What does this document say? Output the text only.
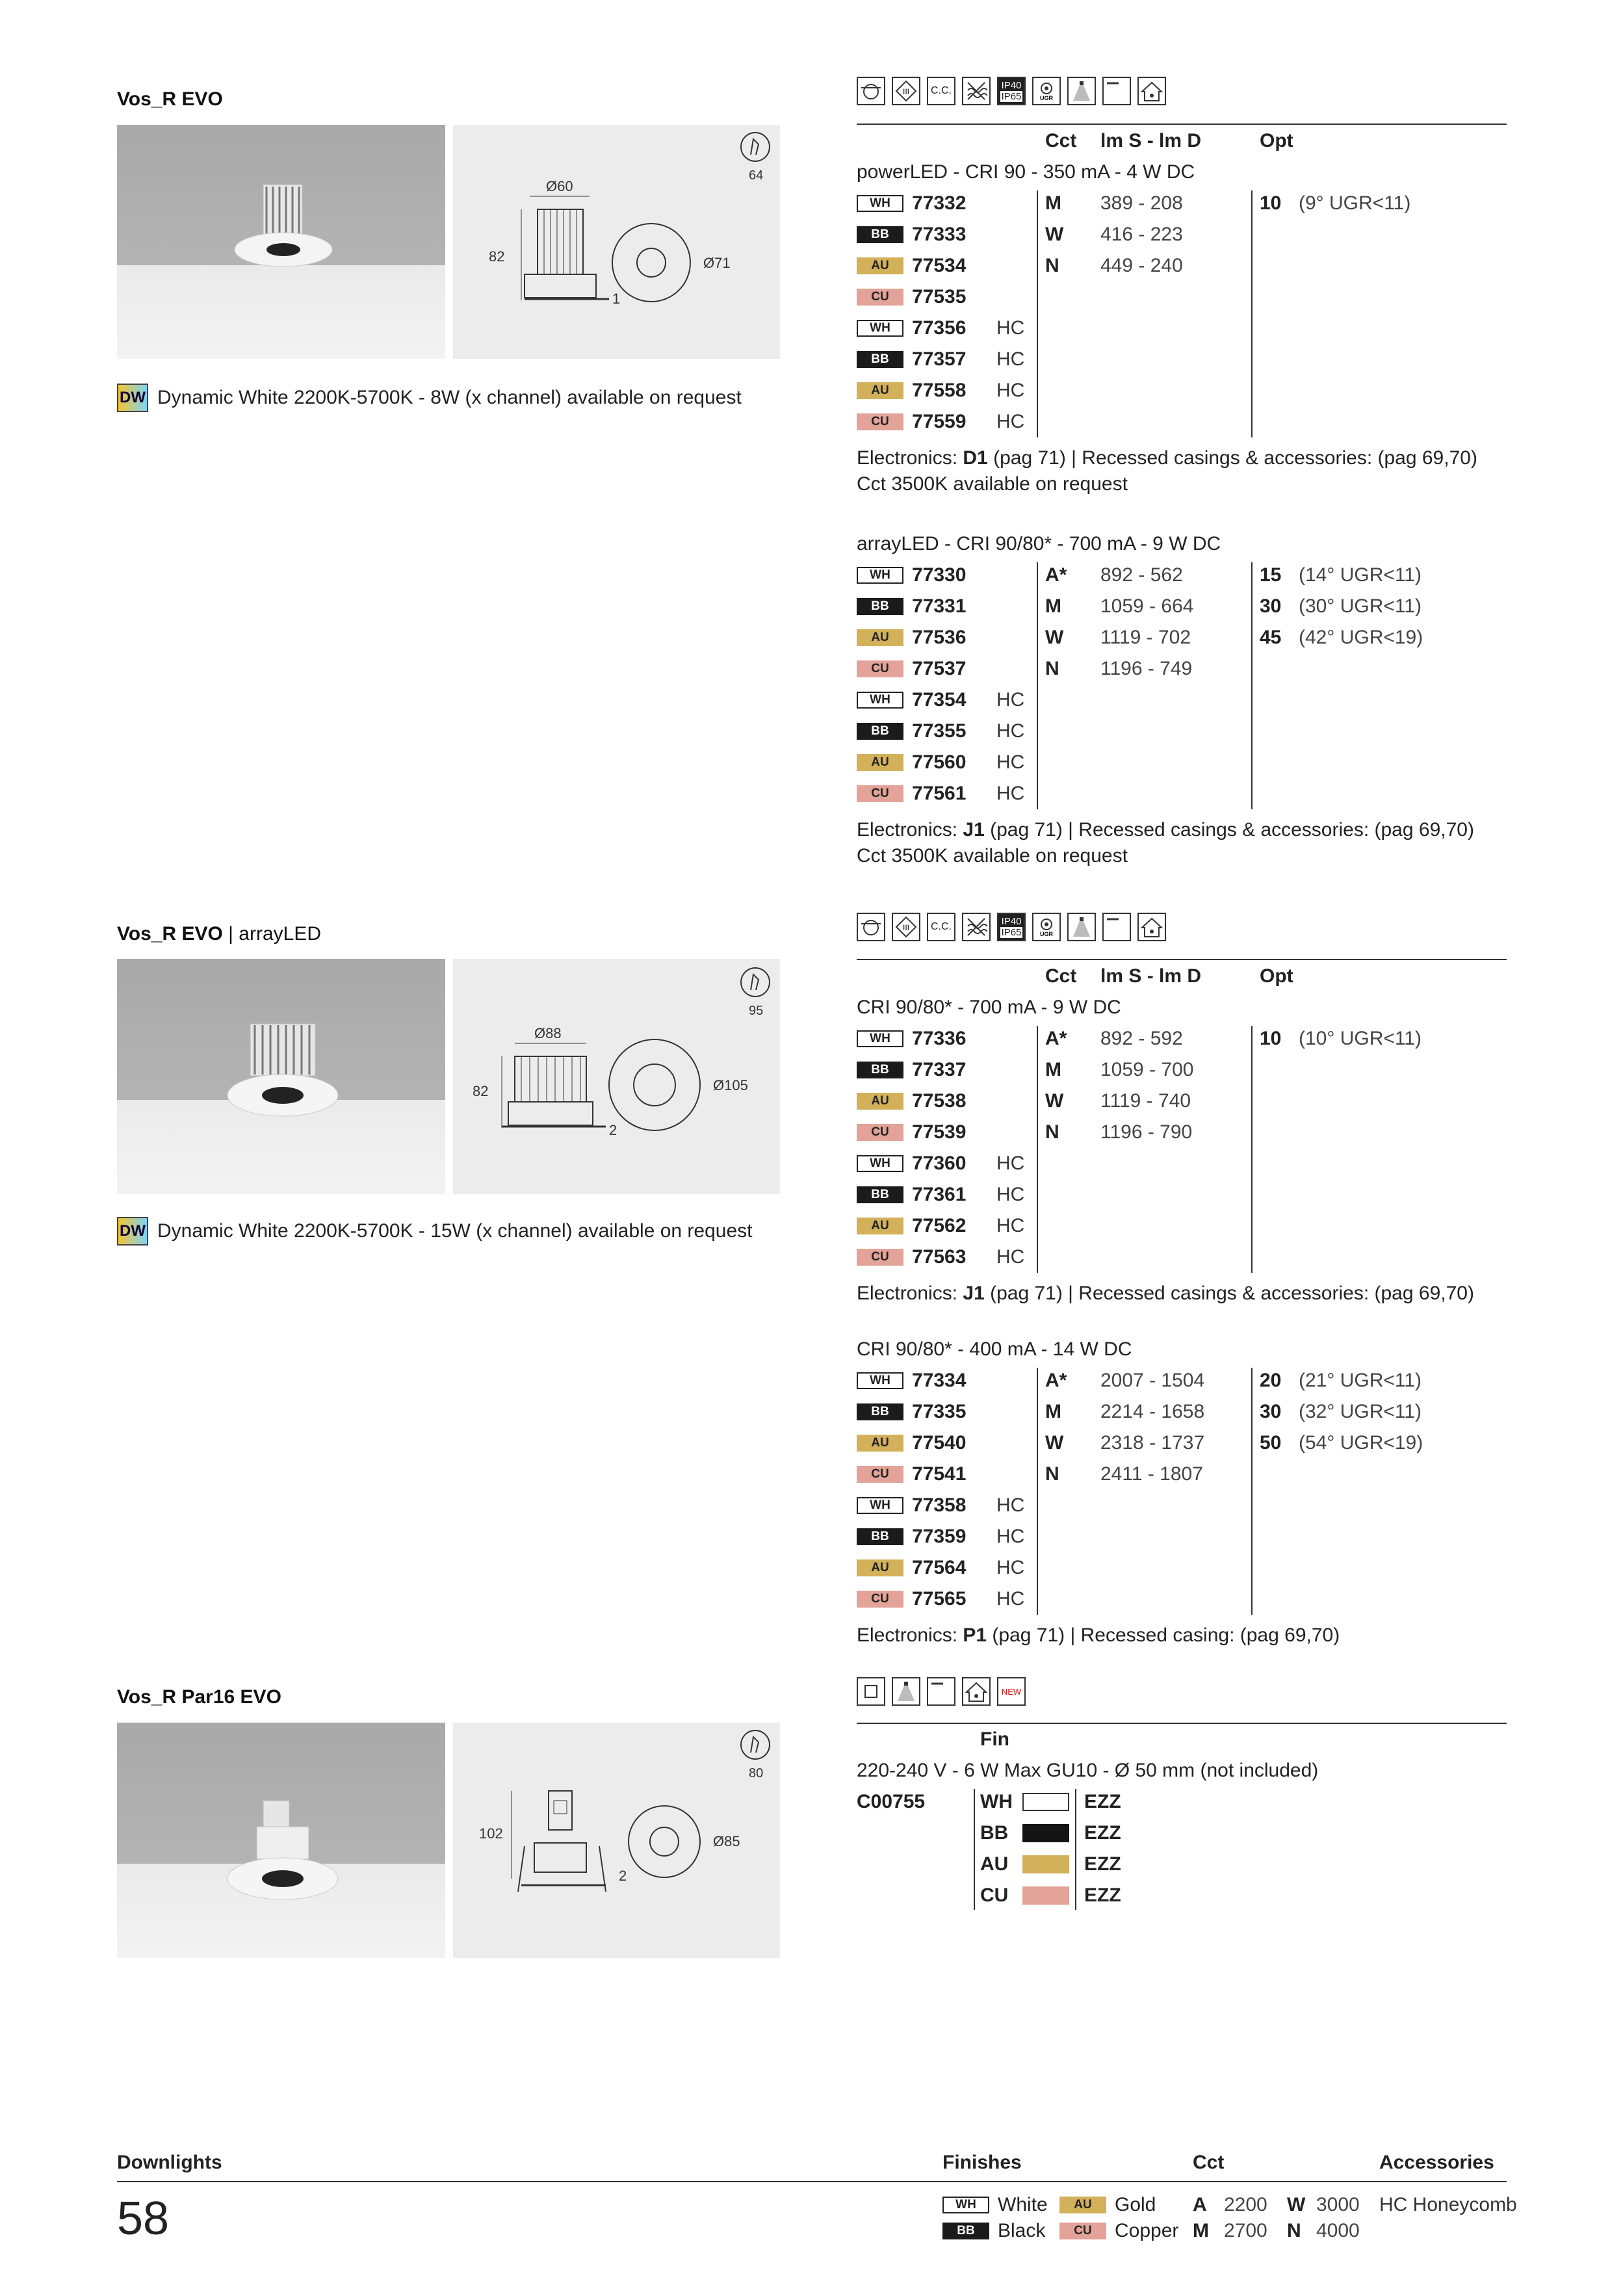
Vos_R EVO
64
Ø60
82
1
Ø71
DW Dynamic White 2200K-5700K - 8W (x channel) available on request
III	C.C.	IP40
IP65	UGR
Cct lm S - lm D	Opt
powerLED - CRI 90 - 350 mA - 4 W DC
WH	77332	M 389 - 208	10 (9° UGR<11)
BB	77333	W 416 - 223
AU	77534	N 449 - 240
CU	77535
WH	77356 HC
BB	77357 HC
AU	77558 HC
CU	77559 HC
Electronics: D1 (pag 71) | Recessed casings & accessories: (pag 69,70)
Cct 3500K available on request
arrayLED - CRI 90/80* - 700 mA - 9 W DC
WH	77330	A* 892 - 562	15 (14° UGR<11)
BB	77331	M 1059 - 664	30 (30° UGR<11)
AU	77536	W 1119 - 702	45 (42° UGR<19)
CU	77537	N 1196 - 749
WH	77354 HC
BB	77355 HC
AU	77560 HC
CU	77561 HC
Electronics: J1 (pag 71) | Recessed casings & accessories: (pag 69,70)
Cct 3500K available on request
Vos_R EVO | arrayLED
95
Ø88
82
2
Ø105
DW Dynamic White 2200K-5700K - 15W (x channel) available on request
III	C.C.	IP40
IP65	UGR
Cct lm S - lm D	Opt
CRI 90/80* - 700 mA - 9 W DC
WH	77336	A* 892 - 592	10 (10° UGR<11)
BB	77337	M 1059 - 700
AU	77538	W 1119 - 740
CU	77539	N 1196 - 790
WH	77360 HC
BB	77361 HC
AU	77562 HC
CU	77563 HC
Electronics: J1 (pag 71) | Recessed casings & accessories: (pag 69,70)
CRI 90/80* - 400 mA - 14 W DC
WH	77334	A* 2007 - 1504	20 (21° UGR<11)
BB	77335	M 2214 - 1658	30 (32° UGR<11)
AU	77540	W 2318 - 1737	50 (54° UGR<19)
CU	77541	N 2411 - 1807
WH	77358 HC
BB	77359 HC
AU	77564 HC
CU	77565 HC
Electronics: P1 (pag 71) | Recessed casing: (pag 69,70)
Vos_R Par16 EVO
80
102
2
Ø85
NEW
Fin
220-240 V - 6 W Max GU10 - Ø 50 mm (not included)
C00755	WH	EZZ
BB	EZZ
AU	EZZ
CU	EZZ
Downlights	Finishes	Cct	Accessories
58	WH	White	AU	Gold
BB	Black	CU	Copper
A 2200 W 3000
M 2700 N 4000
HC Honeycomb
